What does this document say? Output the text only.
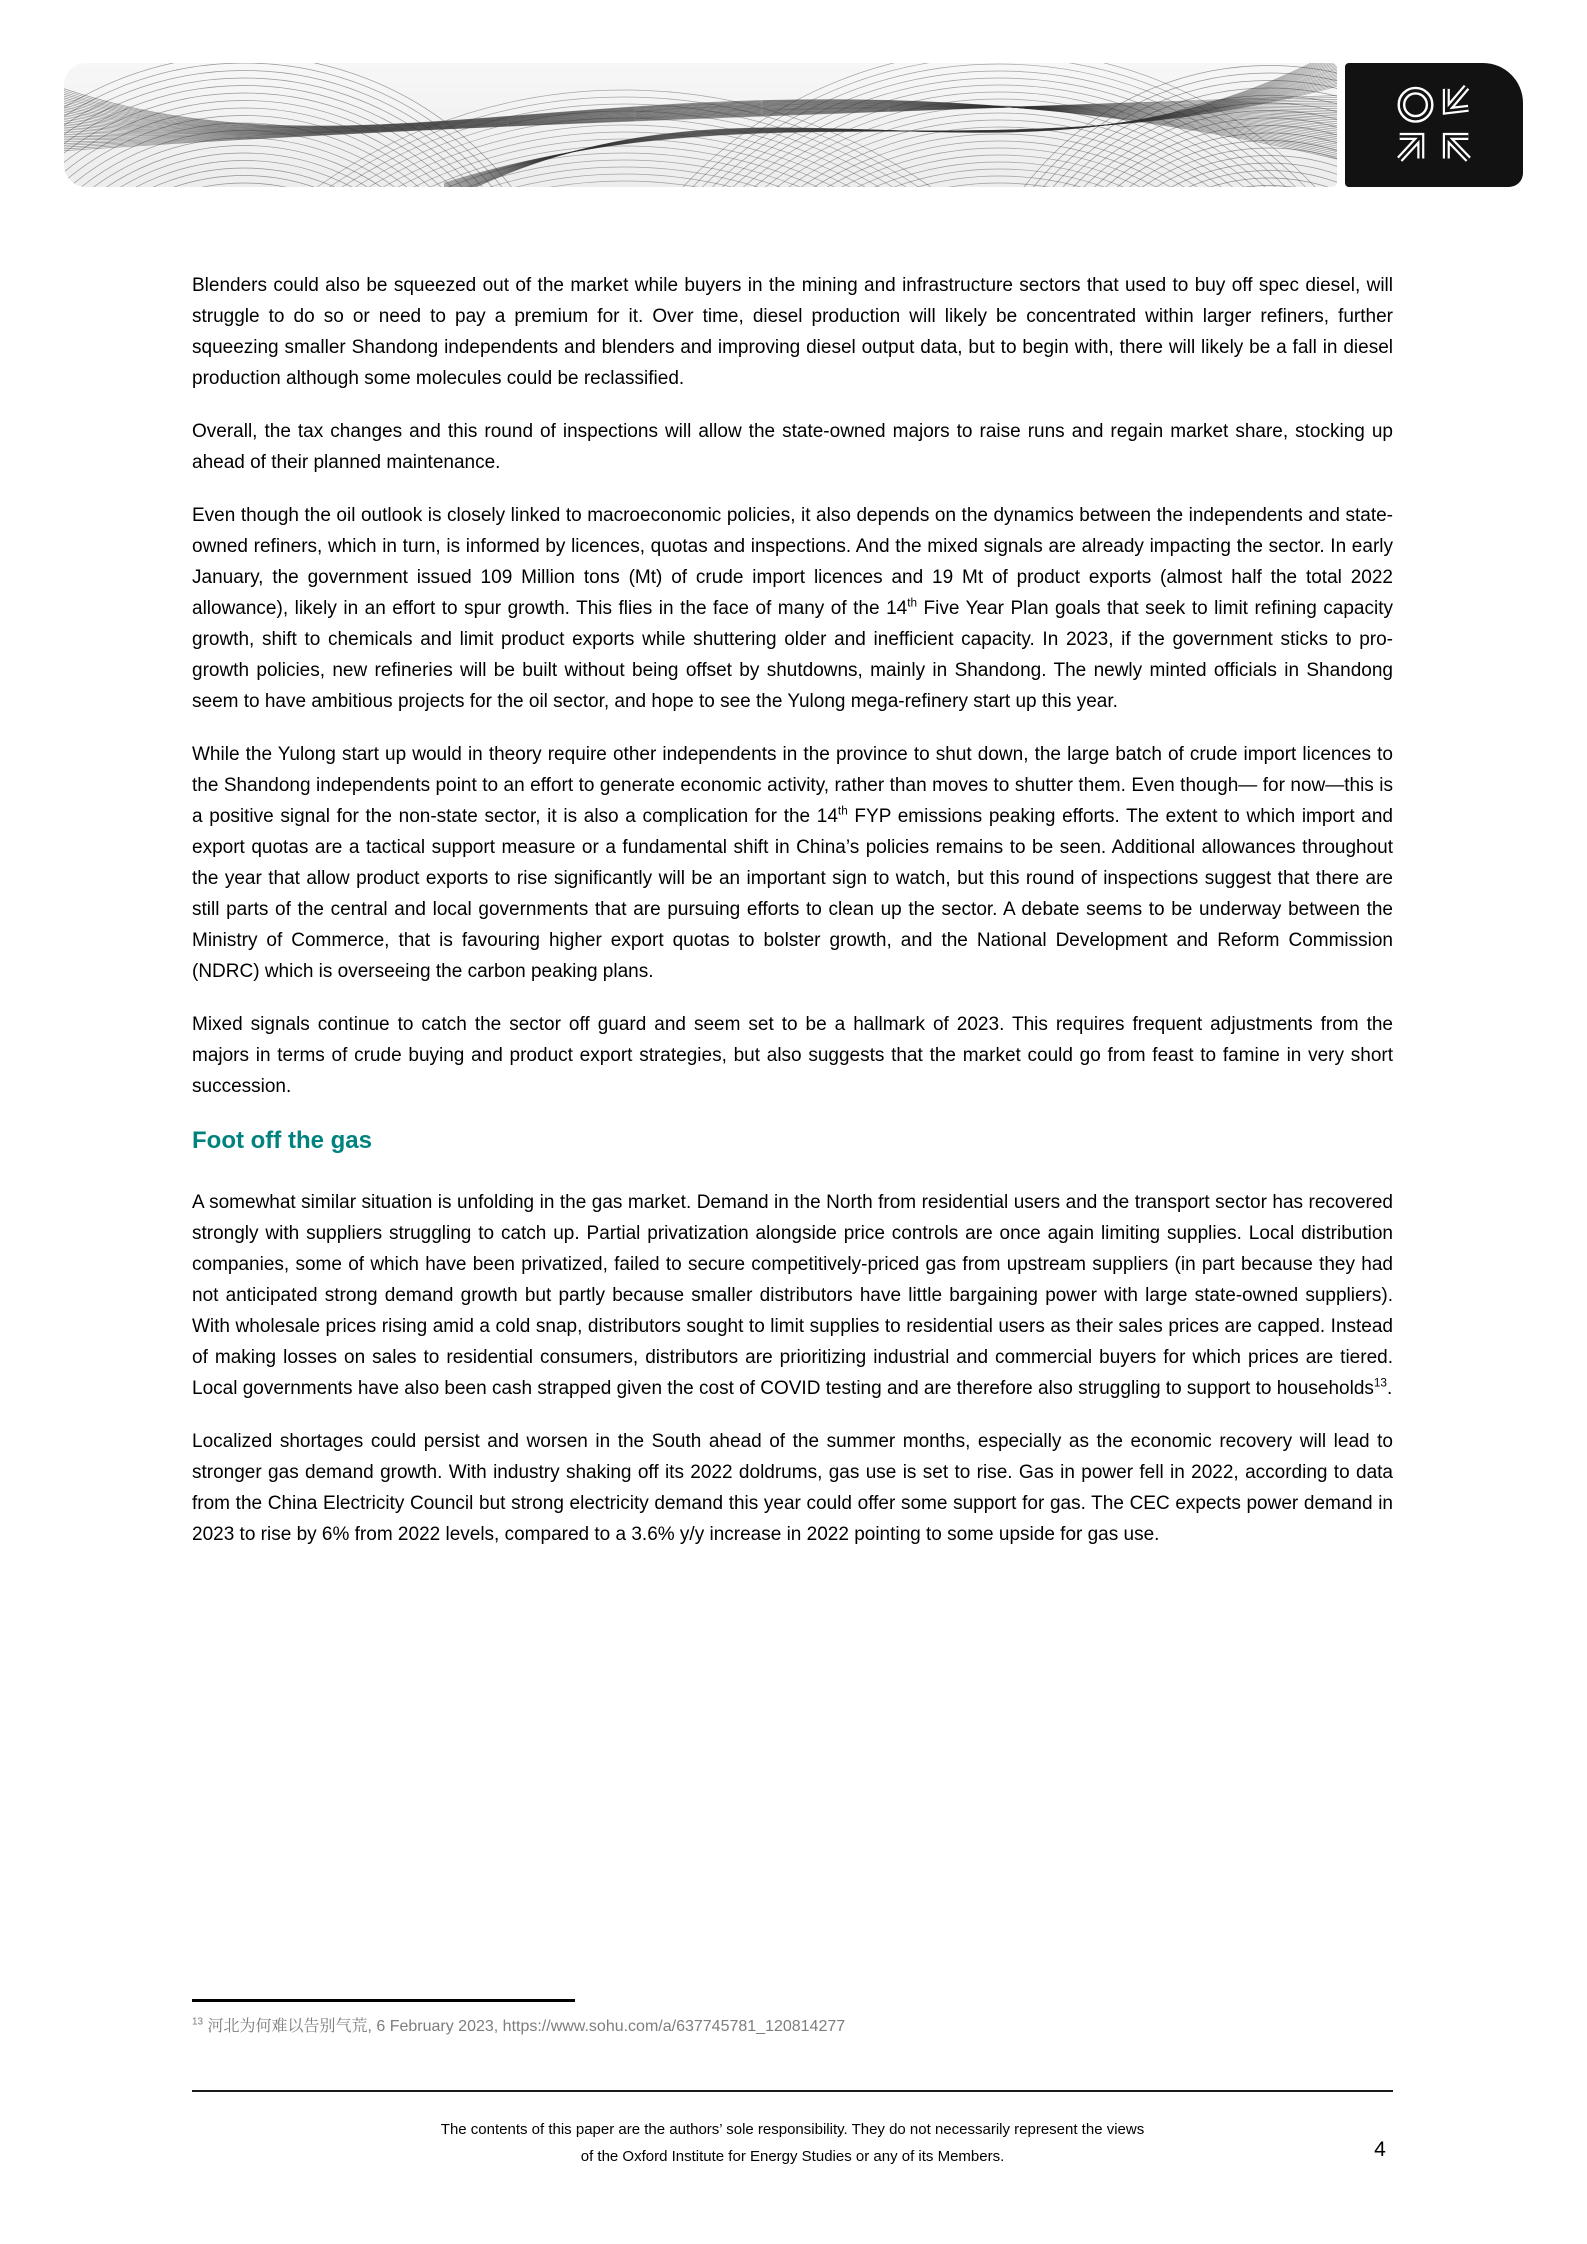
Blenders could also be squeezed out of the market while buyers in the mining and infrastructure sectors that used to buy off spec diesel, will struggle to do so or need to pay a premium for it. Over time, diesel production will likely be concentrated within larger refiners, further squeezing smaller Shandong independents and blenders and improving diesel output data, but to begin with, there will likely be a fall in diesel production although some molecules could be reclassified.

Overall, the tax changes and this round of inspections will allow the state-owned majors to raise runs and regain market share, stocking up ahead of their planned maintenance.

Even though the oil outlook is closely linked to macroeconomic policies, it also depends on the dynamics between the independents and state-owned refiners, which in turn, is informed by licences, quotas and inspections. And the mixed signals are already impacting the sector. In early January, the government issued 109 Million tons (Mt) of crude import licences and 19 Mt of product exports (almost half the total 2022 allowance), likely in an effort to spur growth. This flies in the face of many of the 14th Five Year Plan goals that seek to limit refining capacity growth, shift to chemicals and limit product exports while shuttering older and inefficient capacity. In 2023, if the government sticks to pro-growth policies, new refineries will be built without being offset by shutdowns, mainly in Shandong. The newly minted officials in Shandong seem to have ambitious projects for the oil sector, and hope to see the Yulong mega-refinery start up this year.

While the Yulong start up would in theory require other independents in the province to shut down, the large batch of crude import licences to the Shandong independents point to an effort to generate economic activity, rather than moves to shutter them. Even though— for now—this is a positive signal for the non-state sector, it is also a complication for the 14th FYP emissions peaking efforts. The extent to which import and export quotas are a tactical support measure or a fundamental shift in China’s policies remains to be seen. Additional allowances throughout the year that allow product exports to rise significantly will be an important sign to watch, but this round of inspections suggest that there are still parts of the central and local governments that are pursuing efforts to clean up the sector. A debate seems to be underway between the Ministry of Commerce, that is favouring higher export quotas to bolster growth, and the National Development and Reform Commission (NDRC) which is overseeing the carbon peaking plans.

Mixed signals continue to catch the sector off guard and seem set to be a hallmark of 2023. This requires frequent adjustments from the majors in terms of crude buying and product export strategies, but also suggests that the market could go from feast to famine in very short succession.

Foot off the gas

A somewhat similar situation is unfolding in the gas market. Demand in the North from residential users and the transport sector has recovered strongly with suppliers struggling to catch up. Partial privatization alongside price controls are once again limiting supplies. Local distribution companies, some of which have been privatized, failed to secure competitively-priced gas from upstream suppliers (in part because they had not anticipated strong demand growth but partly because smaller distributors have little bargaining power with large state-owned suppliers). With wholesale prices rising amid a cold snap, distributors sought to limit supplies to residential users as their sales prices are capped. Instead of making losses on sales to residential consumers, distributors are prioritizing industrial and commercial buyers for which prices are tiered. Local governments have also been cash strapped given the cost of COVID testing and are therefore also struggling to support to households$^{13}$.

Localized shortages could persist and worsen in the South ahead of the summer months, especially as the economic recovery will lead to stronger gas demand growth. With industry shaking off its 2022 doldrums, gas use is set to rise. Gas in power fell in 2022, according to data from the China Electricity Council but strong electricity demand this year could offer some support for gas. The CEC expects power demand in 2023 to rise by 6% from 2022 levels, compared to a 3.6% y/y increase in 2022 pointing to some upside for gas use.

$^{13}$ 河北为何难以告别气荒, 6 February 2023, https://www.sohu.com/a/637745781_120814277
The contents of this paper are the authors’ sole responsibility. They do not necessarily represent the views
of the Oxford Institute for Energy Studies or any of its Members.	4
